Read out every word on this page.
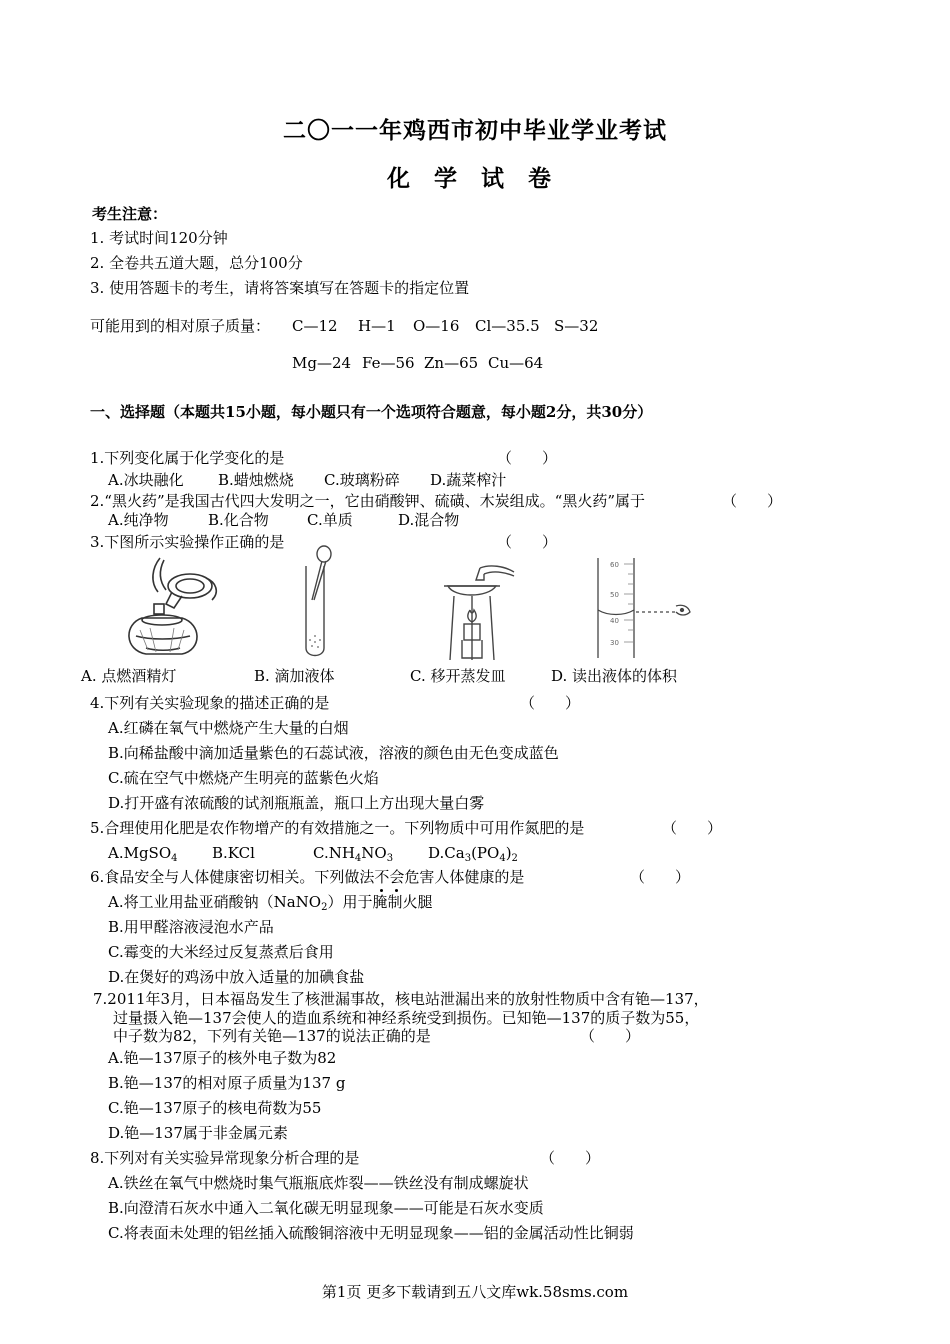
二〇一一年鸡西市初中毕业学业考试
化学试卷
考生注意：
1. 考试时间120分钟
2. 全卷共五道大题，总分100分
3. 使用答题卡的考生，请将答案填写在答题卡的指定位置
可能用到的相对原子质量： C—12 H—1 O—16 Cl—35.5 S—32
Mg—24 Fe—56 Zn—65 Cu—64
一、选择题（本题共15小题，每小题只有一个选项符合题意，每小题2分，共30分）
1.下列变化属于化学变化的是	（　　）
A.冰块融化 B.蜡烛燃烧 C.玻璃粉碎 D.蔬菜榨汁
2.“黑火药”是我国古代四大发明之一，它由硝酸钾、硫磺、木炭组成。“黑火药”属于	（　　）
A.纯净物	B.化合物	C.单质	D.混合物
3.下图所示实验操作正确的是	（　　）
60
50
40
30
A. 点燃酒精灯	B. 滴加液体	C. 移开蒸发皿	D. 读出液体的体积
4.下列有关实验现象的描述正确的是	（　　）
A.红磷在氧气中燃烧产生大量的白烟
B.向稀盐酸中滴加适量紫色的石蕊试液，溶液的颜色由无色变成蓝色
C.硫在空气中燃烧产生明亮的蓝紫色火焰
D.打开盛有浓硫酸的试剂瓶瓶盖，瓶口上方出现大量白雾
5.合理使用化肥是农作物增产的有效措施之一。下列物质中可用作氮肥的是	（　　）
A.MgSO$_4$ B.KCl	$C.NH_4NO_3$ $D.Ca_3(PO_4)_2$
6.食品安全与人体健康密切相关。下列做法不会危害人体健康的是	（　　）
A.将工业用盐亚硝酸钠（NaNO$_2$）用于腌制火腿
B.用甲醛溶液浸泡水产品
C.霉变的大米经过反复蒸煮后食用
D.在煲好的鸡汤中放入适量的加碘食盐
7.2011年3月，日本福岛发生了核泄漏事故，核电站泄漏出来的放射性物质中含有铯—137，
过量摄入铯—137会使人的造血系统和神经系统受到损伤。已知铯—137的质子数为55，
中子数为82，下列有关铯—137的说法正确的是	（　　）
A.铯—137原子的核外电子数为82
B.铯—137的相对原子质量为137 g
C.铯—137原子的核电荷数为55
D.铯—137属于非金属元素
8.下列对有关实验异常现象分析合理的是	（　　）
A.铁丝在氧气中燃烧时集气瓶瓶底炸裂——铁丝没有制成螺旋状
B.向澄清石灰水中通入二氧化碳无明显现象——可能是石灰水变质
C.将表面未处理的铝丝插入硫酸铜溶液中无明显现象——铝的金属活动性比铜弱
第1页 更多下载请到五八文库wk.58sms.com
